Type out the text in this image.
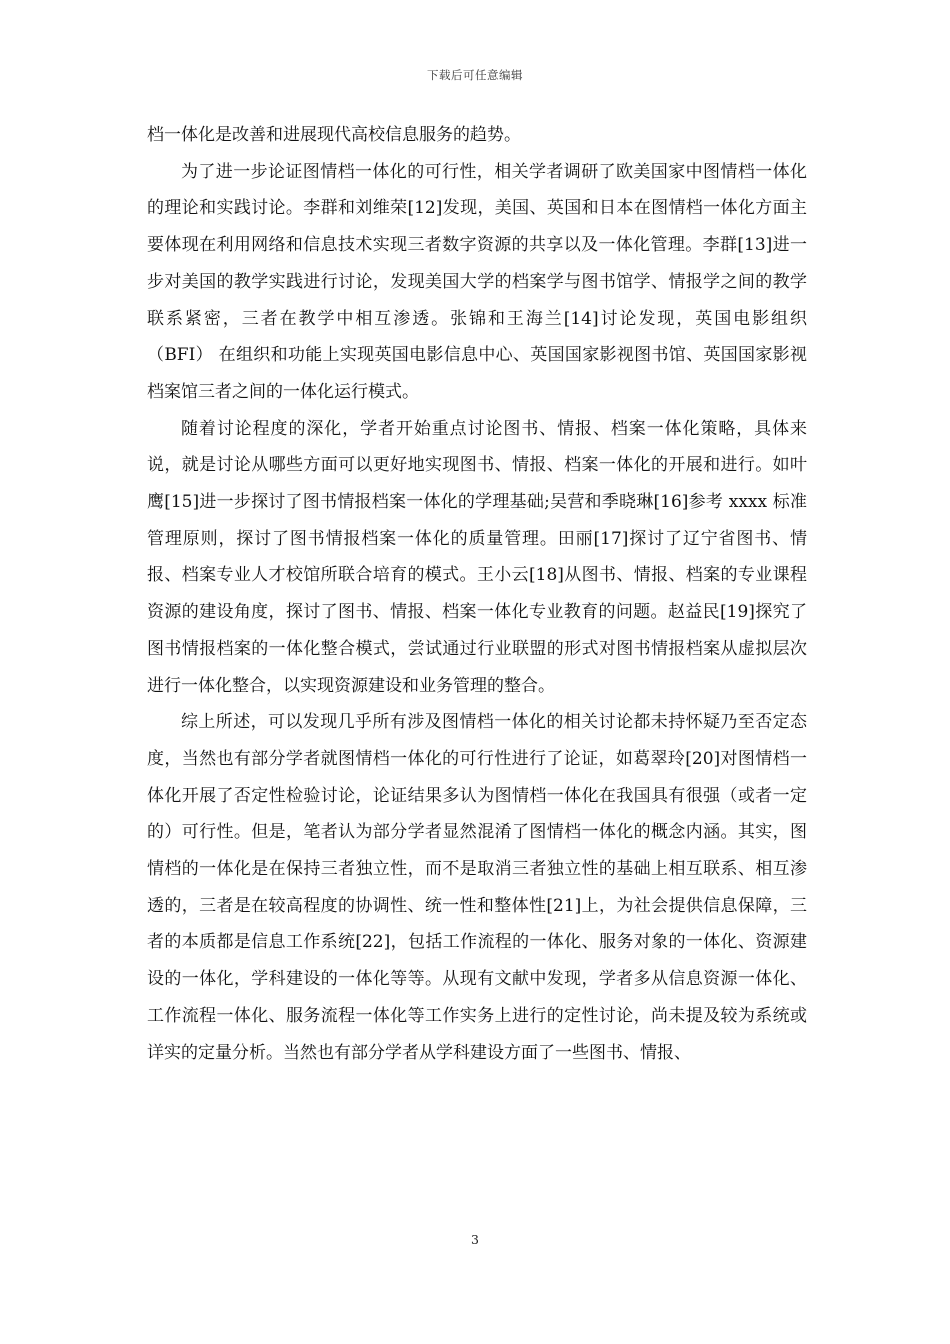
下载后可任意编辑

档一体化是改善和进展现代高校信息服务的趋势。

为了进一步论证图情档一体化的可行性，相关学者调研了欧美国家中图情档一体化的理论和实践讨论。李群和刘维荣[12]发现，美国、英国和日本在图情档一体化方面主要体现在利用网络和信息技术实现三者数字资源的共享以及一体化管理。李群[13]进一步对美国的教学实践进行讨论，发现美国大学的档案学与图书馆学、情报学之间的教学联系紧密，三者在教学中相互渗透。张锦和王海兰[14]讨论发现，英国电影组织（BFI） 在组织和功能上实现英国电影信息中心、英国国家影视图书馆、英国国家影视档案馆三者之间的一体化运行模式。

随着讨论程度的深化，学者开始重点讨论图书、情报、档案一体化策略，具体来说，就是讨论从哪些方面可以更好地实现图书、情报、档案一体化的开展和进行。如叶鹰[15]进一步探讨了图书情报档案一体化的学理基础;吴营和季晓琳[16]参考 xxxx 标准管理原则，探讨了图书情报档案一体化的质量管理。田丽[17]探讨了辽宁省图书、情报、档案专业人才校馆所联合培育的模式。王小云[18]从图书、情报、档案的专业课程资源的建设角度，探讨了图书、情报、档案一体化专业教育的问题。赵益民[19]探究了图书情报档案的一体化整合模式，尝试通过行业联盟的形式对图书情报档案从虚拟层次进行一体化整合，以实现资源建设和业务管理的整合。

综上所述，可以发现几乎所有涉及图情档一体化的相关讨论都未持怀疑乃至否定态度，当然也有部分学者就图情档一体化的可行性进行了论证，如葛翠玲[20]对图情档一体化开展了否定性检验讨论，论证结果多认为图情档一体化在我国具有很强（或者一定的）可行性。但是，笔者认为部分学者显然混淆了图情档一体化的概念内涵。其实，图情档的一体化是在保持三者独立性，而不是取消三者独立性的基础上相互联系、相互渗透的，三者是在较高程度的协调性、统一性和整体性[21]上，为社会提供信息保障，三者的本质都是信息工作系统[22]，包括工作流程的一体化、服务对象的一体化、资源建设的一体化，学科建设的一体化等等。从现有文献中发现，学者多从信息资源一体化、工作流程一体化、服务流程一体化等工作实务上进行的定性讨论，尚未提及较为系统或详实的定量分析。当然也有部分学者从学科建设方面了一些图书、情报、

3
